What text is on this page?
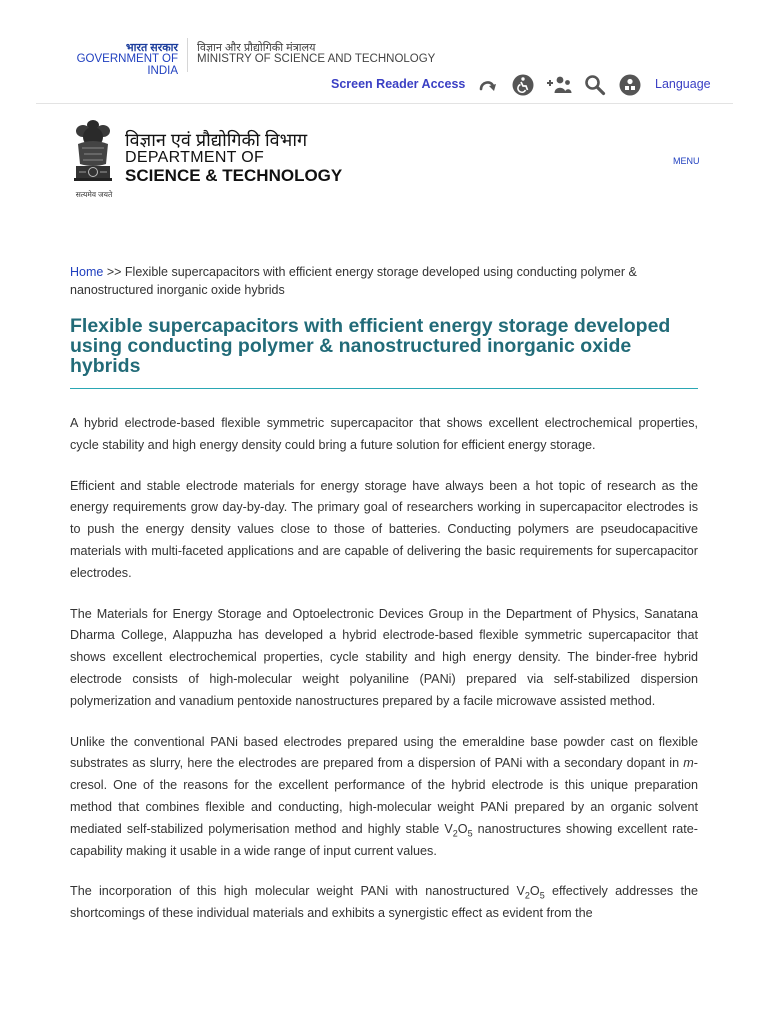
भारत सरकार
GOVERNMENT OF INDIA
विज्ञान और प्रौद्योगिकी मंत्रालय
MINISTRY OF SCIENCE AND TECHNOLOGY
Screen Reader Access	Language
सत्यमेव जयते
विज्ञान एवं प्रौद्योगिकी विभाग
DEPARTMENT OF
SCIENCE & TECHNOLOGY
MENU
Home >> Flexible supercapacitors with efficient energy storage developed using conducting polymer & nanostructured inorganic oxide hybrids
Flexible supercapacitors with efficient energy storage developed using conducting polymer & nanostructured inorganic oxide hybrids

A hybrid electrode-based flexible symmetric supercapacitor that shows excellent electrochemical properties, cycle stability and high energy density could bring a future solution for efficient energy storage.

Efficient and stable electrode materials for energy storage have always been a hot topic of research as the energy requirements grow day-by-day. The primary goal of researchers working in supercapacitor electrodes is to push the energy density values close to those of batteries. Conducting polymers are pseudocapacitive materials with multi-faceted applications and are capable of delivering the basic requirements for supercapacitor electrodes.

The Materials for Energy Storage and Optoelectronic Devices Group in the Department of Physics, Sanatana Dharma College, Alappuzha has developed a hybrid electrode-based flexible symmetric supercapacitor that shows excellent electrochemical properties, cycle stability and high energy density. The binder-free hybrid electrode consists of high-molecular weight polyaniline (PANi) prepared via self-stabilized dispersion polymerization and vanadium pentoxide nanostructures prepared by a facile microwave assisted method.

Unlike the conventional PANi based electrodes prepared using the emeraldine base powder cast on flexible substrates as slurry, here the electrodes are prepared from a dispersion of PANi with a secondary dopant in m-cresol. One of the reasons for the excellent performance of the hybrid electrode is this unique preparation method that combines flexible and conducting, high-molecular weight PANi prepared by an organic solvent mediated self-stabilized polymerisation method and highly stable $V_2O_5$ nanostructures showing excellent rate-capability making it usable in a wide range of input current values.

The incorporation of this high molecular weight PANi with nanostructured $V_2O_5$ effectively addresses the shortcomings of these individual materials and exhibits a synergistic effect as evident from the
